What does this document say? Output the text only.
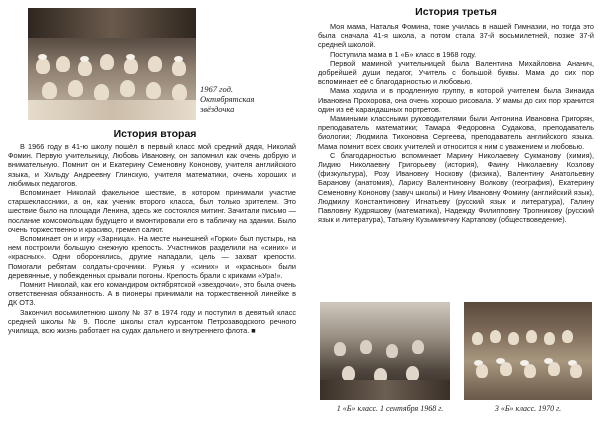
1967 год. Октябрятская звёздочка
История вторая

В 1966 году в 41-ю школу пошёл в первый класс мой средний дядя, Николай Фомин. Первую учительницу, Любовь Ивановну, он запомнил как очень добрую и внимательную. Помнит он и Екатерину Семеновну Кононову, учителя английского языка, и Хильду Андреевну Глинскую, учителя математики, очень хороших и любимых педагогов.

Вспоминает Николай факельное шествие, в котором принимали участие старшеклассники, а он, как ученик второго класса, был только зрителем. Это шествие было на площади Ленина, здесь же состоялся митинг. Зачитали письмо — послание комсомольцам будущего и вмонтировали его в табличку на здании. Было очень торжественно и красиво, гремел салют.

Вспоминает он и игру «Зарница». На месте нынешней «Горки» был пустырь, на нем построили большую снежную крепость. Участников разделили на «синих» и «красных». Одни оборонялись, другие нападали, цель — захват крепости. Помогали ребятам солдаты-срочники. Ружья у «синих» и «красных» были деревянные, у побежденных срывали погоны. Крепость брали с криками «Ура!».

Помнит Николай, как его командиром октябрятской «звездочки», это была очень ответственная обязанность. А в пионеры принимали на торжественной линейке в ДК ОТЗ.

Закончил восьмилетнюю школу № 37 в 1974 году и поступил в девятый класс средней школы № 9. После школы стал курсантом Петрозаводского речного училища, всю жизнь работает на судах дальнего и внутреннего флота. ■

История третья

Моя мама, Наталья Фомина, тоже училась в нашей Гимназии, но тогда это была сначала 41-я школа, а потом стала 37-й восьмилетней, позже 37-й средней школой.

Поступила мама в 1 «Б» класс в 1968 году.

Первой маминой учительницей была Валентина Михайловна Ананич, добрейшей души педагог, Учитель с большой буквы. Мама до сих пор вспоминает её с благодарностью и любовью.

Мама ходила и в продленную группу, в которой учителем была Зинаида Ивановна Прохорова, она очень хорошо рисовала. У мамы до сих пор хранится один из её карандашных портретов.

Мамиными классными руководителями были Антонина Ивановна Григорян, преподаватель математики; Тамара Федоровна Судакова, преподаватель биологии; Людмила Тихоновна Сергеева, преподаватель английского языка. Мама помнит всех своих учителей и относится к ним с уважением и любовью.

С благодарностью вспоминает Марину Николаевну Сукманову (химия), Лидию Николаевну Григорьеву (история), Фаину Николаевну Козлову (физкультура), Розу Ивановну Носкову (физика), Валентину Анатольевну Баранову (анатомия), Ларису Валентиновну Волкову (география), Екатерину Семеновну Кононову (завуч школы) и Нину Ивановну Фомину (английский язык), Людмилу Константиновну Игнатьеву (русский язык и литература), Галину Павловну Кудряшову (математика), Надежду Филипповну Тропникову (русский язык и литература), Татьяну Кузьминичну Картапову (обществоведение).

1 «Б» класс. 1 сентября 1968 г.	3 «Б» класс. 1970 г.
